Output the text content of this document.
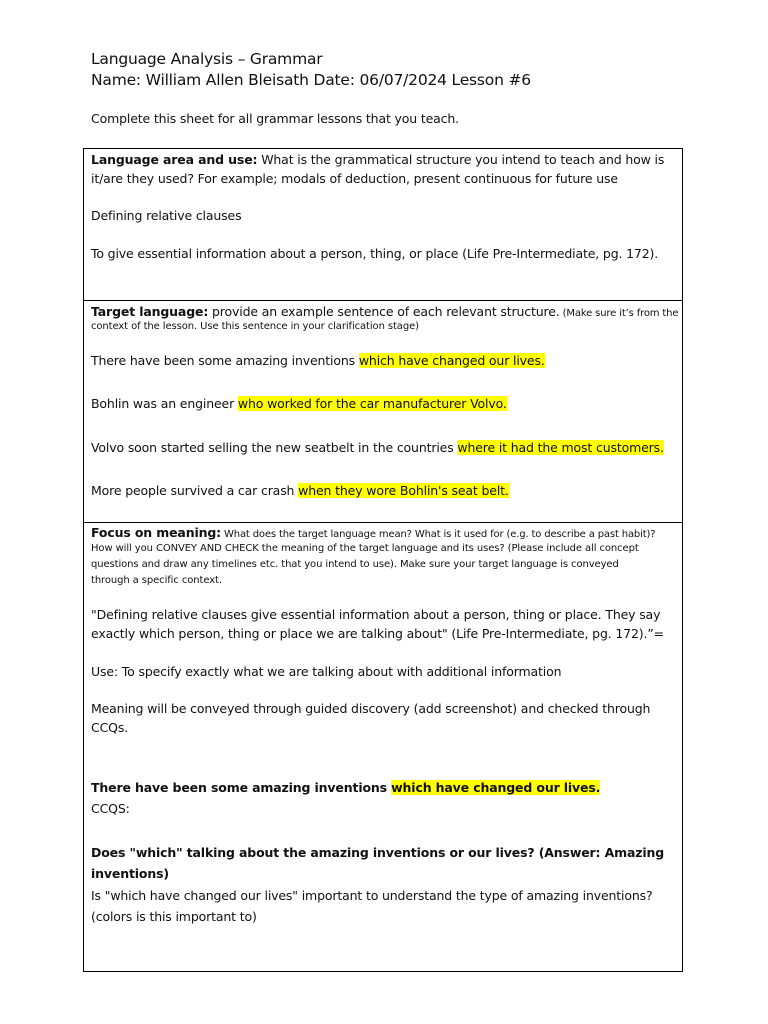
Language Analysis – Grammar
Name: William Allen Bleisath Date: 06/07/2024 Lesson #6
Complete this sheet for all grammar lessons that you teach.
Language area and use: What is the grammatical structure you intend to teach and how is
it/are they used? For example; modals of deduction, present continuous for future use
Defining relative clauses
To give essential information about a person, thing, or place (Life Pre-Intermediate, pg. 172).
Target language: provide an example sentence of each relevant structure. (Make sure it’s from the
context of the lesson. Use this sentence in your clarification stage)
There have been some amazing inventions which have changed our lives.
Bohlin was an engineer who worked for the car manufacturer Volvo.
Volvo soon started selling the new seatbelt in the countries where it had the most customers.
More people survived a car crash when they wore Bohlin's seat belt.
Focus on meaning: What does the target language mean? What is it used for (e.g. to describe a past habit)?
How will you CONVEY AND CHECK the meaning of the target language and its uses? (Please include all concept
questions and draw any timelines etc. that you intend to use). Make sure your target language is conveyed
through a specific context.
"Defining relative clauses give essential information about a person, thing or place. They say
exactly which person, thing or place we are talking about" (Life Pre-Intermediate, pg. 172).”=
Use: To specify exactly what we are talking about with additional information
Meaning will be conveyed through guided discovery (add screenshot) and checked through
CCQs.
There have been some amazing inventions which have changed our lives.
CCQS:
Does "which" talking about the amazing inventions or our lives? (Answer: Amazing
inventions)
Is "which have changed our lives" important to understand the type of amazing inventions?
(colors is this important to)
